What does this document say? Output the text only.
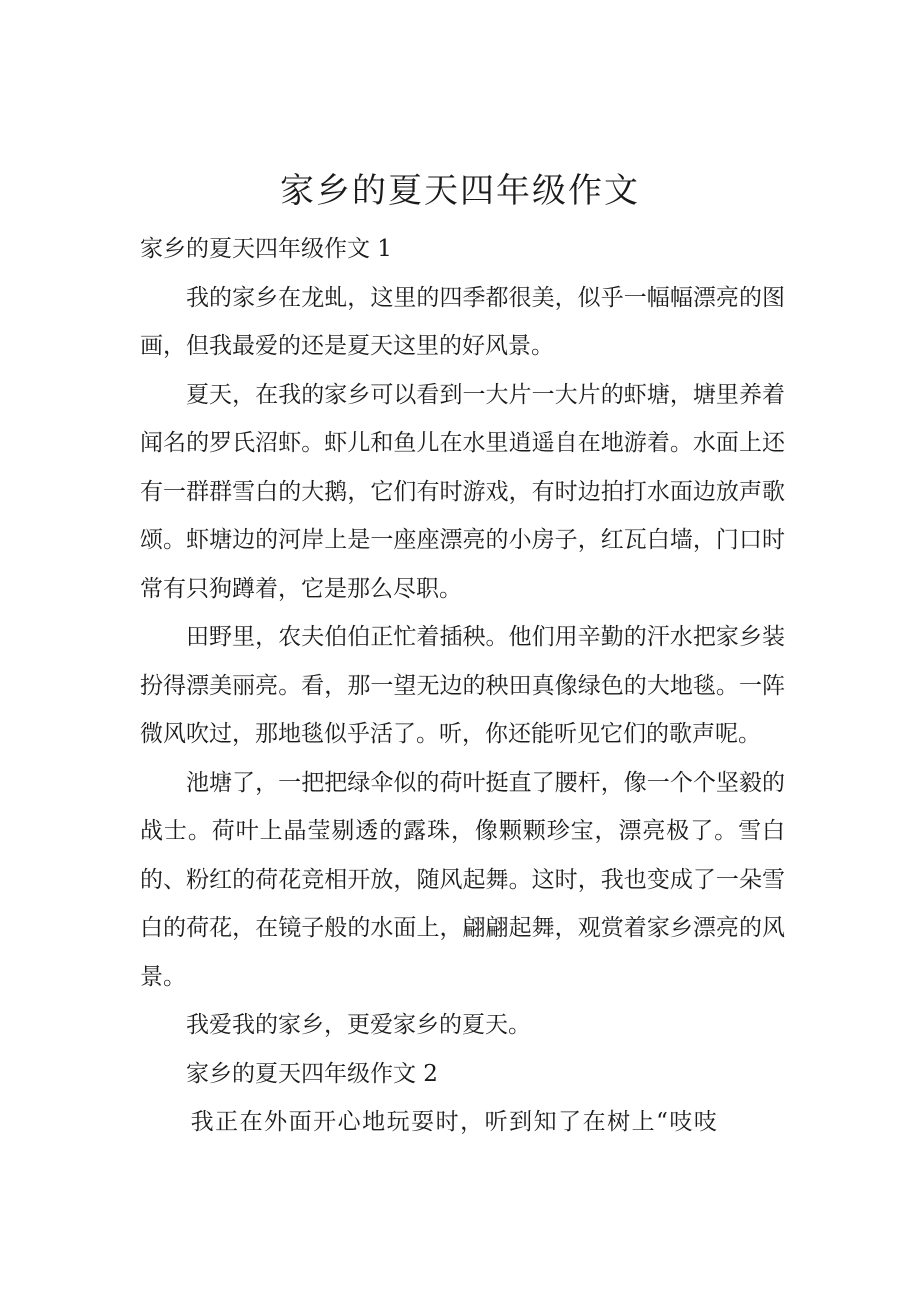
家乡的夏天四年级作文

家乡的夏天四年级作文 1

我的家乡在龙虬，这里的四季都很美，似乎一幅幅漂亮的图画，但我最爱的还是夏天这里的好风景。

夏天，在我的家乡可以看到一大片一大片的虾塘，塘里养着闻名的罗氏沼虾。虾儿和鱼儿在水里逍遥自在地游着。水面上还有一群群雪白的大鹅，它们有时游戏，有时边拍打水面边放声歌颂。虾塘边的河岸上是一座座漂亮的小房子，红瓦白墙，门口时常有只狗蹲着，它是那么尽职。

田野里，农夫伯伯正忙着插秧。他们用辛勤的汗水把家乡装扮得漂美丽亮。看，那一望无边的秧田真像绿色的大地毯。一阵微风吹过，那地毯似乎活了。听，你还能听见它们的歌声呢。

池塘了，一把把绿伞似的荷叶挺直了腰杆，像一个个坚毅的战士。荷叶上晶莹剔透的露珠，像颗颗珍宝，漂亮极了。雪白的、粉红的荷花竞相开放，随风起舞。这时，我也变成了一朵雪白的荷花，在镜子般的水面上，翩翩起舞，观赏着家乡漂亮的风景。

我爱我的家乡，更爱家乡的夏天。

家乡的夏天四年级作文 2

我正在外面开心地玩耍时，听到知了在树上“吱吱
